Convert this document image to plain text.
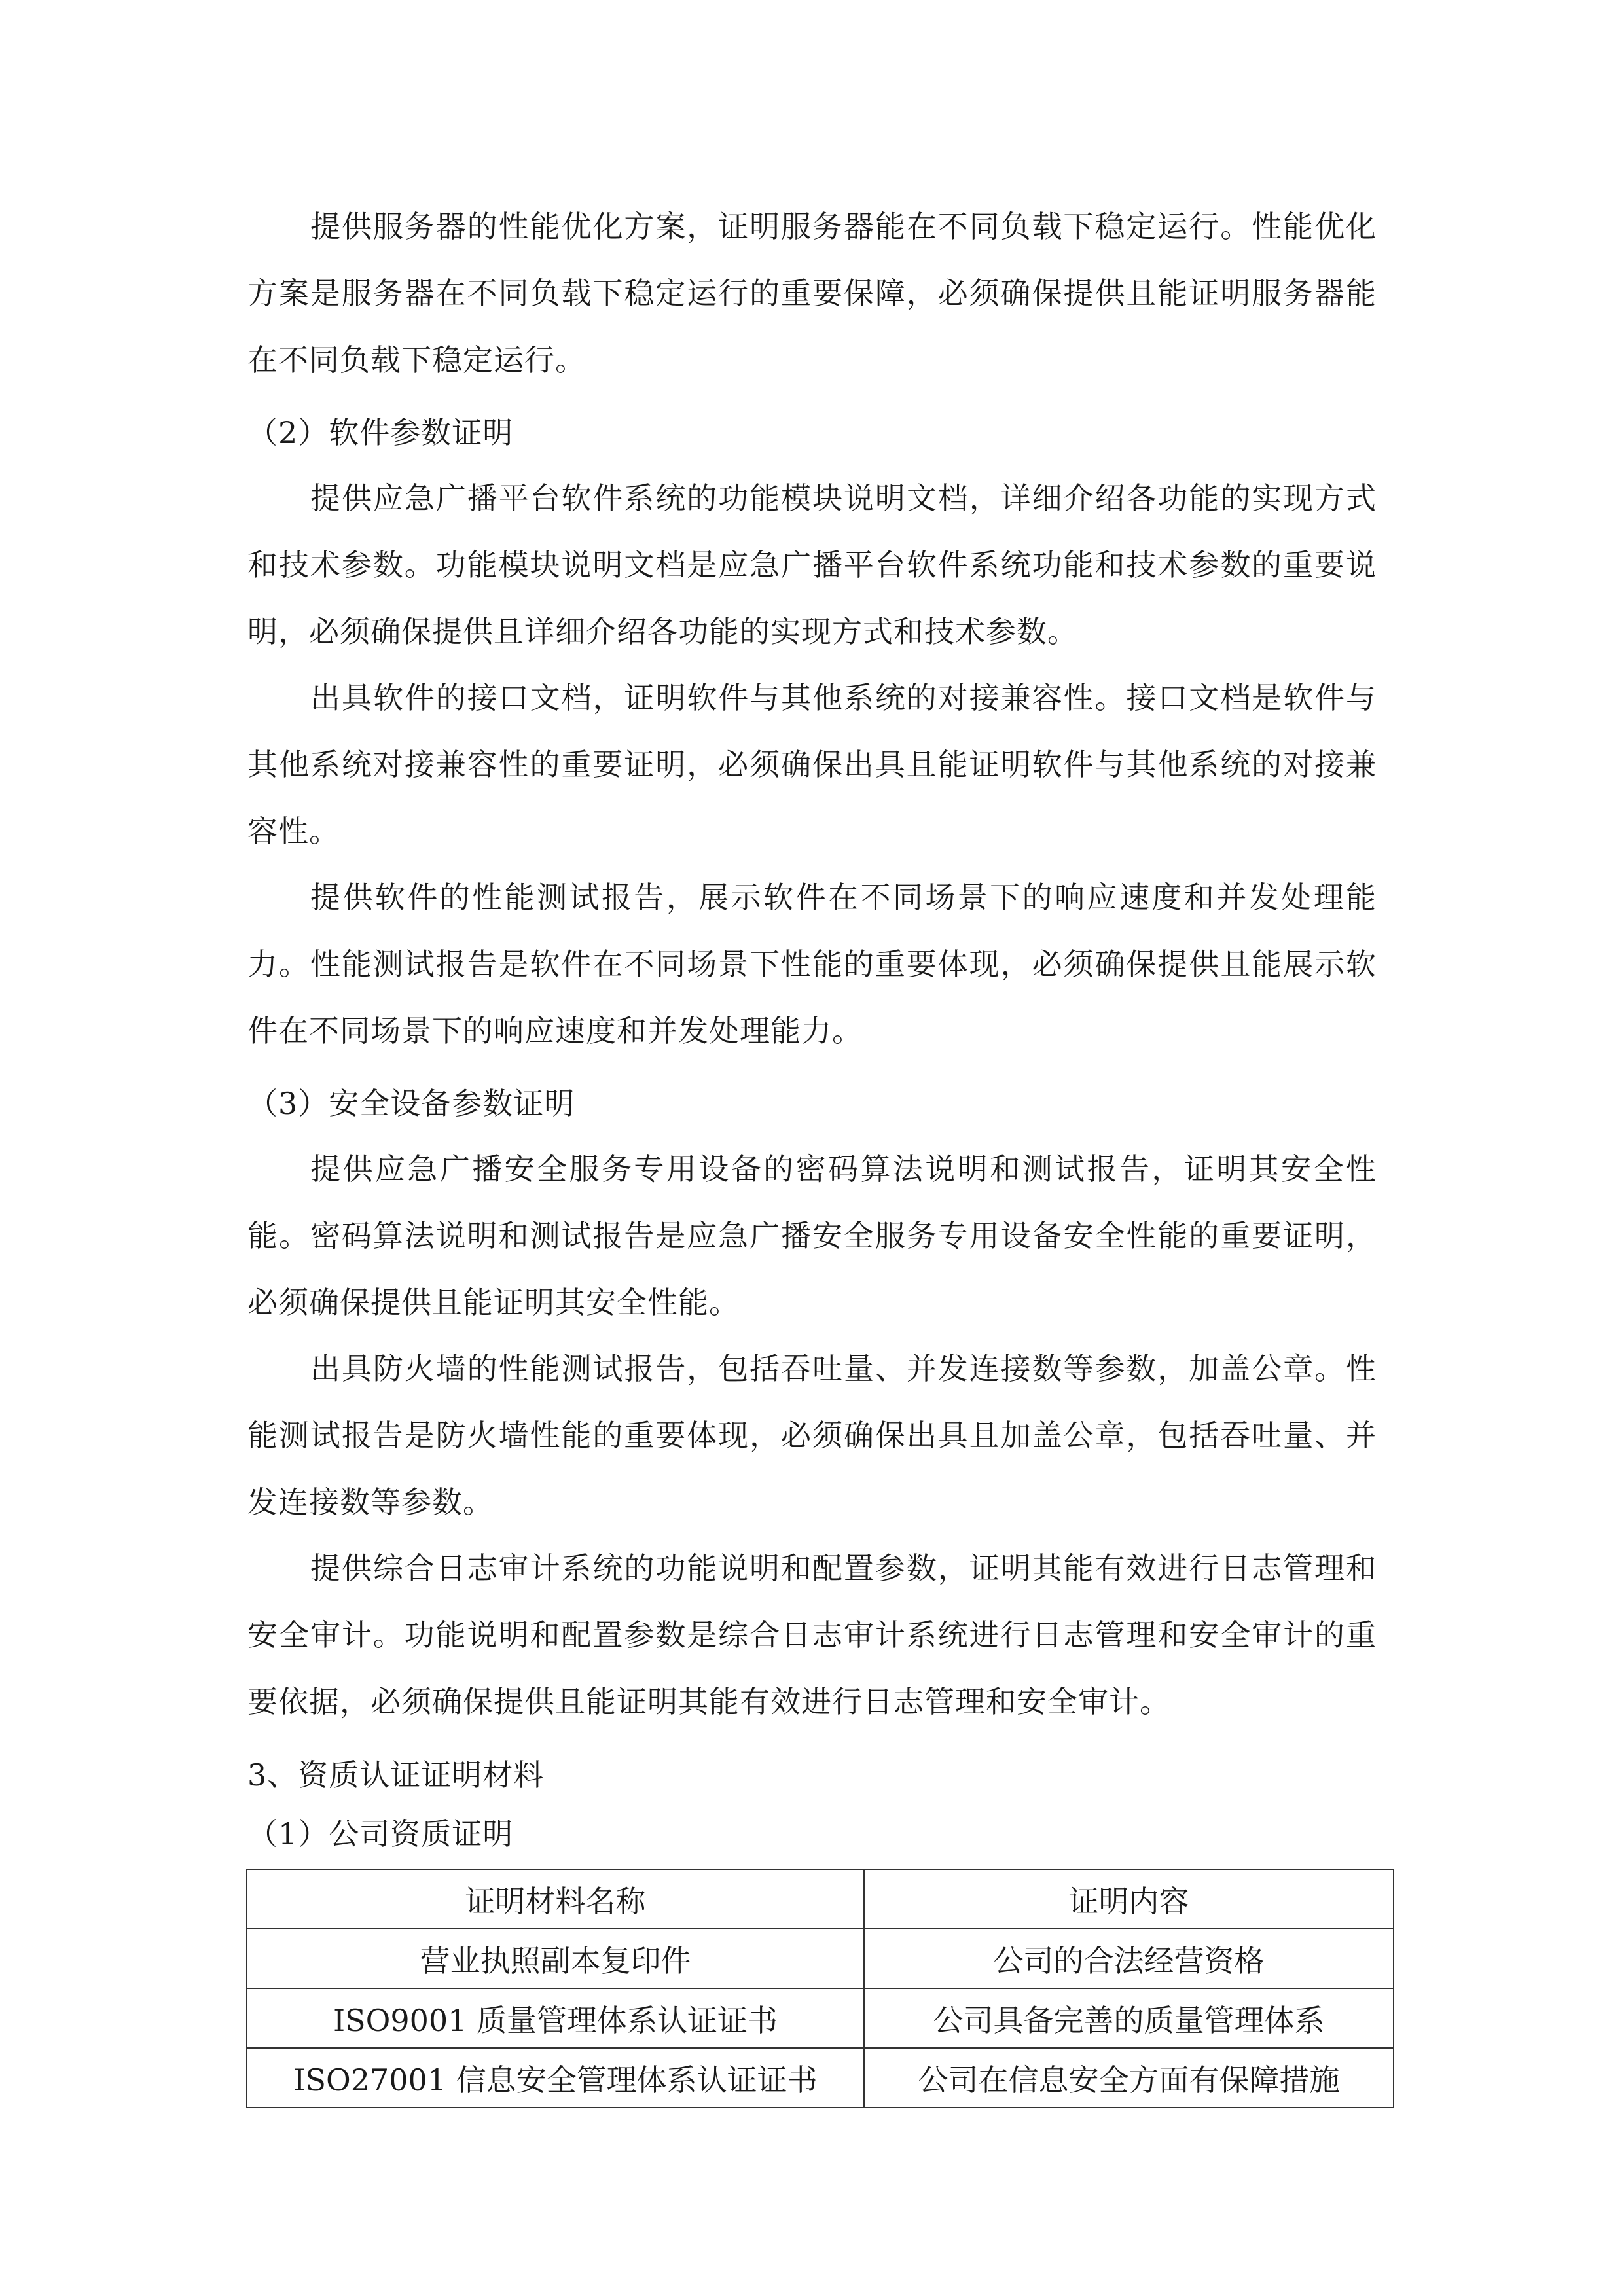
提供服务器的性能优化方案，证明服务器能在不同负载下稳定运行。性能优化方案是服务器在不同负载下稳定运行的重要保障，必须确保提供且能证明服务器能在不同负载下稳定运行。

（2）软件参数证明

提供应急广播平台软件系统的功能模块说明文档，详细介绍各功能的实现方式和技术参数。功能模块说明文档是应急广播平台软件系统功能和技术参数的重要说明，必须确保提供且详细介绍各功能的实现方式和技术参数。

出具软件的接口文档，证明软件与其他系统的对接兼容性。接口文档是软件与其他系统对接兼容性的重要证明，必须确保出具且能证明软件与其他系统的对接兼容性。

提供软件的性能测试报告，展示软件在不同场景下的响应速度和并发处理能力。性能测试报告是软件在不同场景下性能的重要体现，必须确保提供且能展示软件在不同场景下的响应速度和并发处理能力。

（3）安全设备参数证明

提供应急广播安全服务专用设备的密码算法说明和测试报告，证明其安全性能。密码算法说明和测试报告是应急广播安全服务专用设备安全性能的重要证明，必须确保提供且能证明其安全性能。

出具防火墙的性能测试报告，包括吞吐量、并发连接数等参数，加盖公章。性能测试报告是防火墙性能的重要体现，必须确保出具且加盖公章，包括吞吐量、并发连接数等参数。

提供综合日志审计系统的功能说明和配置参数，证明其能有效进行日志管理和安全审计。功能说明和配置参数是综合日志审计系统进行日志管理和安全审计的重要依据，必须确保提供且能证明其能有效进行日志管理和安全审计。

3、资质认证证明材料

（1）公司资质证明

证明材料名称	证明内容
营业执照副本复印件	公司的合法经营资格
ISO9001 质量管理体系认证证书	公司具备完善的质量管理体系
ISO27001 信息安全管理体系认证证书	公司在信息安全方面有保障措施
